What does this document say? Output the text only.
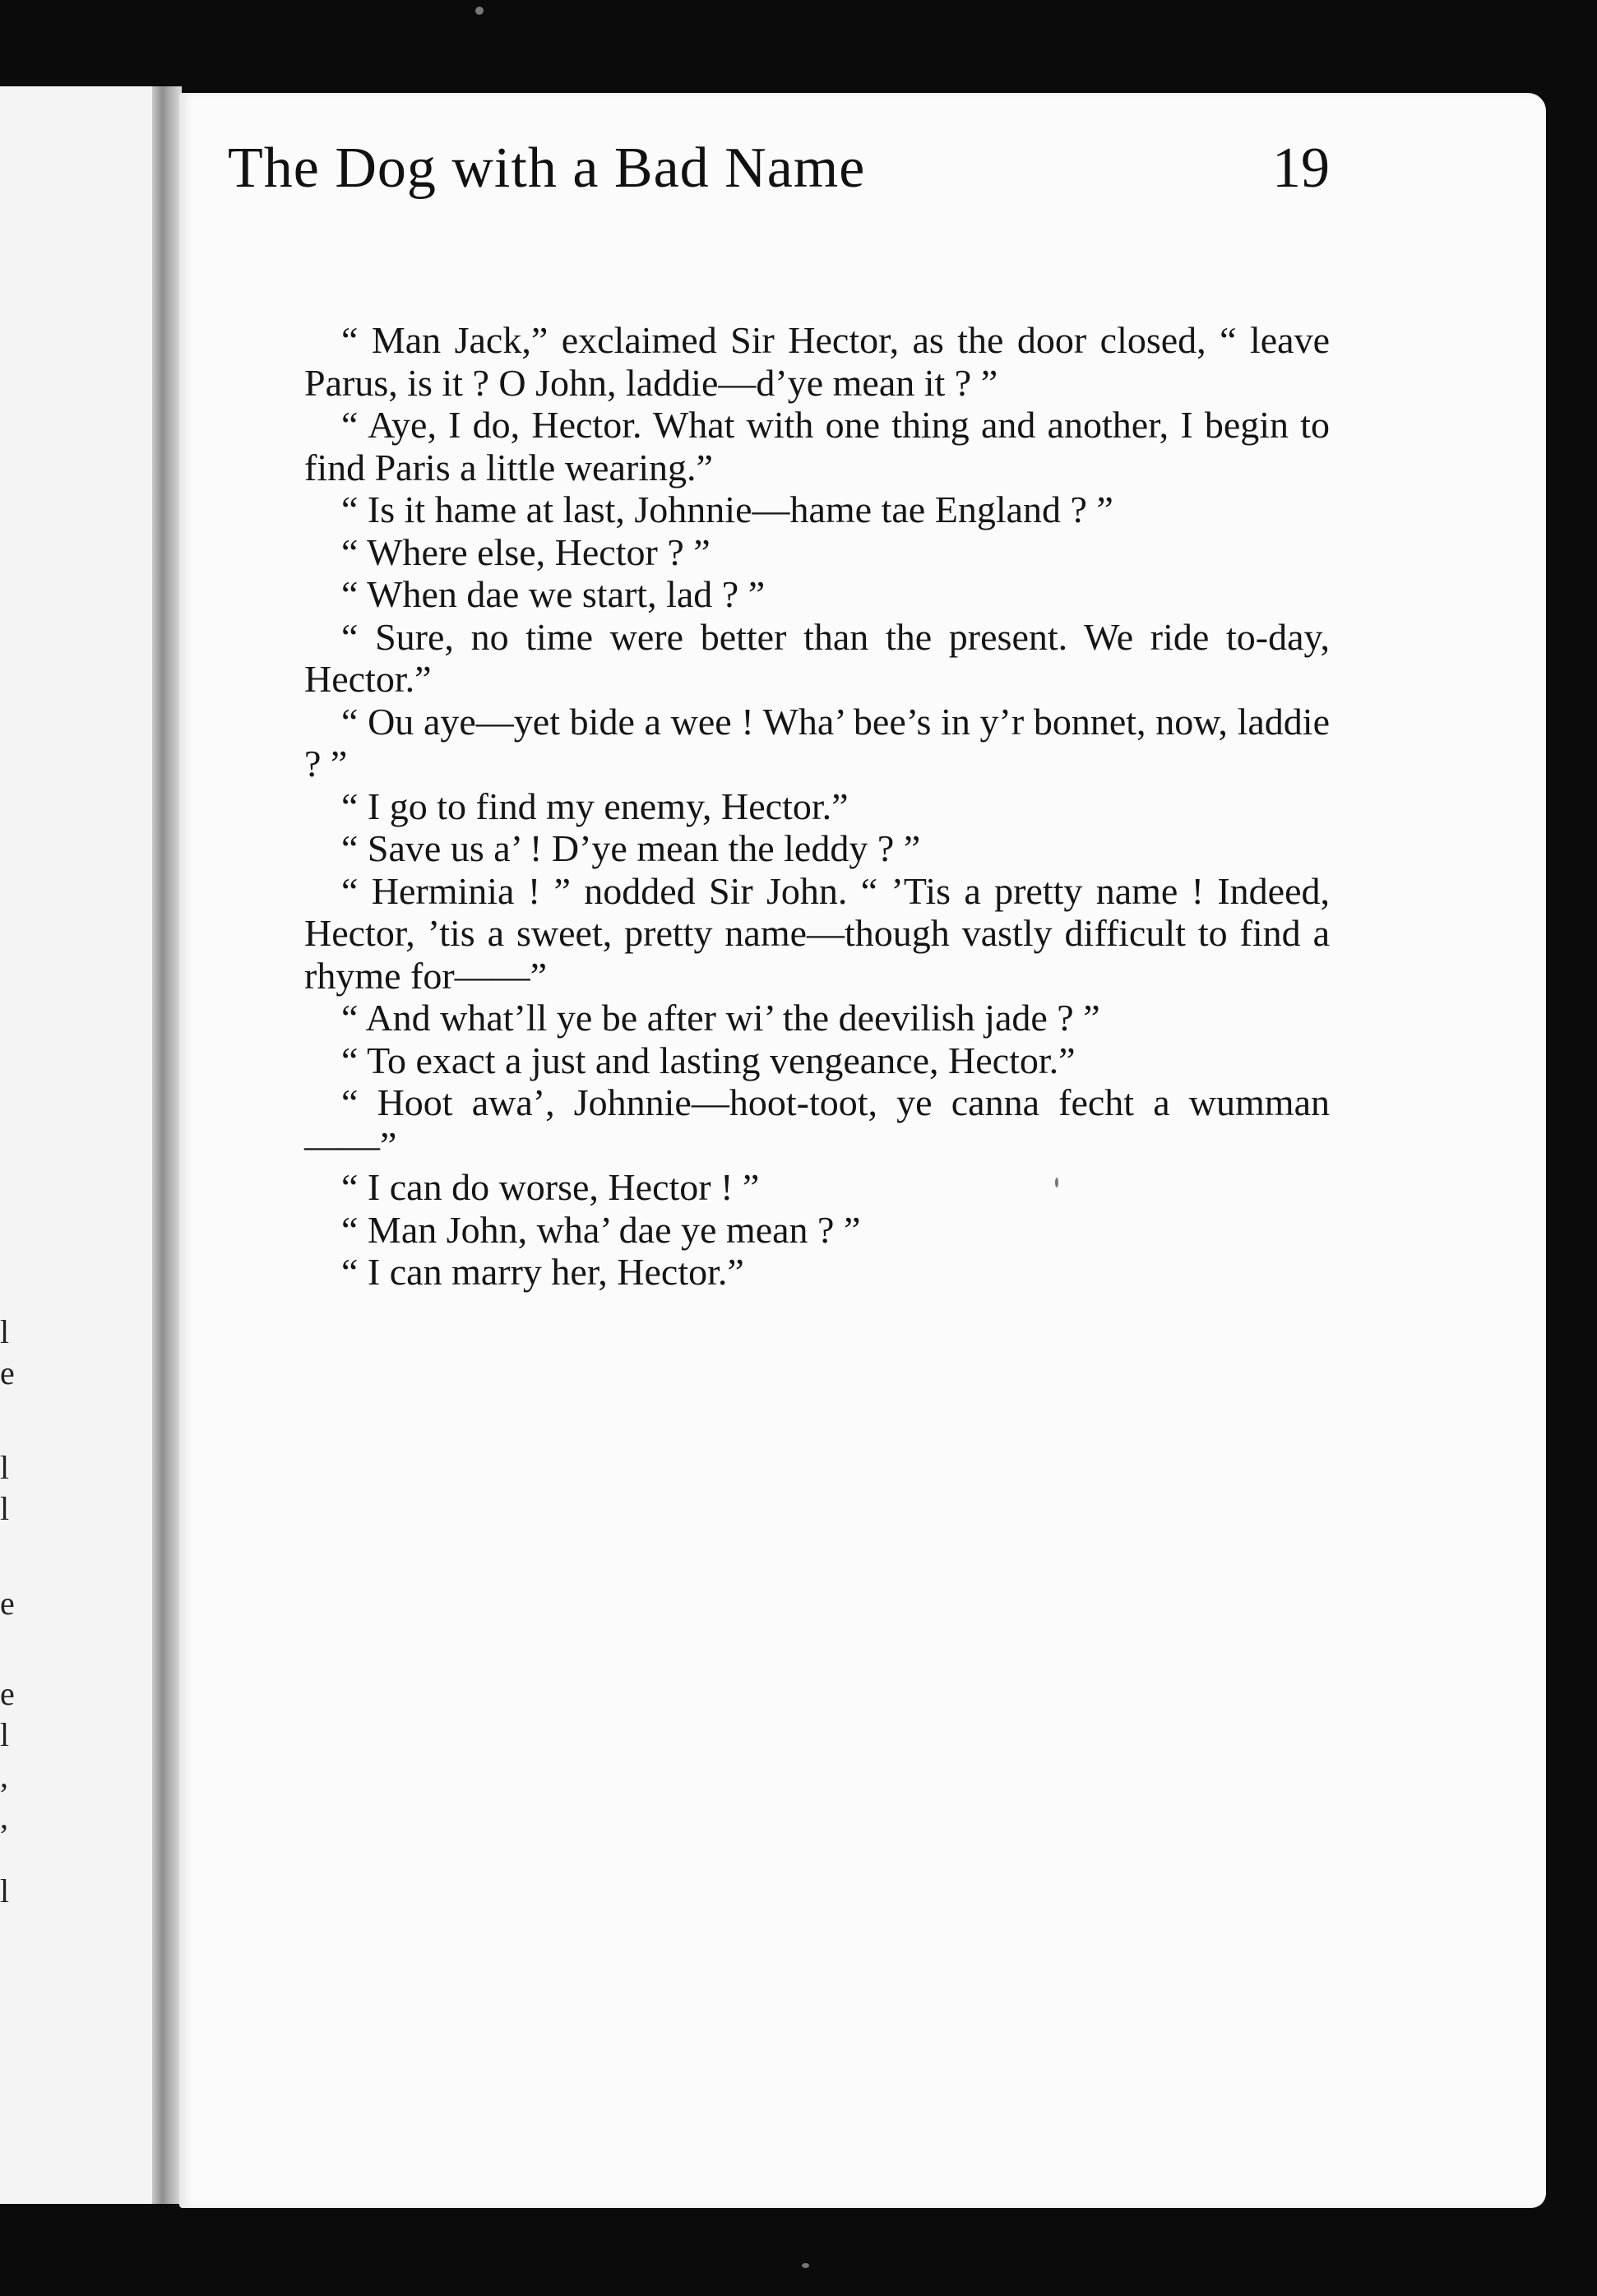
l
e
l
l
e
e
l
,
,
l
The Dog with a Bad Name	19

“ Man Jack,” exclaimed Sir Hector, as the door closed, “ leave Parus, is it ? O John, laddie—d’ye mean it ? ”

“ Aye, I do, Hector. What with one thing and another, I begin to find Paris a little wearing.”

“ Is it hame at last, Johnnie—hame tae England ? ”

“ Where else, Hector ? ”

“ When dae we start, lad ? ”

“ Sure, no time were better than the present. We ride to-day, Hector.”

“ Ou aye—yet bide a wee ! Wha’ bee’s in y’r bonnet, now, laddie ? ”

“ I go to find my enemy, Hector.”

“ Save us a’ ! D’ye mean the leddy ? ”

“ Herminia ! ” nodded Sir John. “ ’Tis a pretty name ! Indeed, Hector, ’tis a sweet, pretty name—though vastly difficult to find a rhyme for——”

“ And what’ll ye be after wi’ the deevilish jade ? ”

“ To exact a just and lasting vengeance, Hector.”

“ Hoot awa’, Johnnie—hoot-toot, ye canna fecht a wumman——”

“ I can do worse, Hector ! ”

“ Man John, wha’ dae ye mean ? ”

“ I can marry her, Hector.”
